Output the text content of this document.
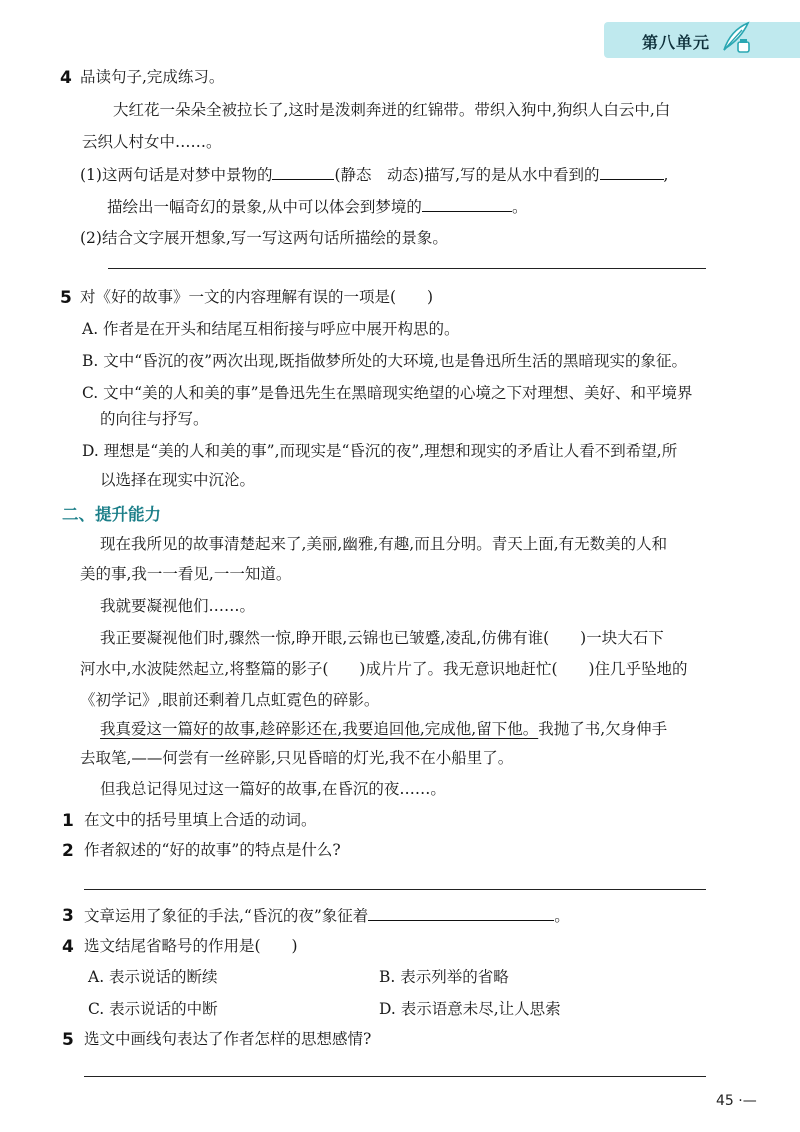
第八单元
4 品读句子,完成练习。
大红花一朵朵全被拉长了,这时是泼刺奔迸的红锦带。带织入狗中,狗织人白云中,白
云织人村女中……。
(1)这两句话是对梦中景物的	(静态　动态)描写,写的是从水中看到的	,
描绘出一幅奇幻的景象,从中可以体会到梦境的	。
(2)结合文字展开想象,写一写这两句话所描绘的景象。
5 对《好的故事》一文的内容理解有误的一项是(　　)
A. 作者是在开头和结尾互相衔接与呼应中展开构思的。
B. 文中“昏沉的夜”两次出现,既指做梦所处的大环境,也是鲁迅所生活的黑暗现实的象征。
C. 文中“美的人和美的事”是鲁迅先生在黑暗现实绝望的心境之下对理想、美好、和平境界
的向往与抒写。
D. 理想是“美的人和美的事”,而现实是“昏沉的夜”,理想和现实的矛盾让人看不到希望,所
以选择在现实中沉沦。
二、提升能力
现在我所见的故事清楚起来了,美丽,幽雅,有趣,而且分明。青天上面,有无数美的人和
美的事,我一一看见,一一知道。
我就要凝视他们……。
我正要凝视他们时,骤然一惊,睁开眼,云锦也已皱蹙,凌乱,仿佛有谁(　　)一块大石下
河水中,水波陡然起立,将整篇的影子(　　)成片片了。我无意识地赶忙(　　)住几乎坠地的
《初学记》,眼前还剩着几点虹霓色的碎影。
我真爱这一篇好的故事,趁碎影还在,我要追回他,完成他,留下他。我抛了书,欠身伸手
去取笔,——何尝有一丝碎影,只见昏暗的灯光,我不在小船里了。
但我总记得见过这一篇好的故事,在昏沉的夜……。
1 在文中的括号里填上合适的动词。
2 作者叙述的“好的故事”的特点是什么?
3 文章运用了象征的手法,“昏沉的夜”象征着	。
4 选文结尾省略号的作用是(　　)
A. 表示说话的断续	B. 表示列举的省略
C. 表示说话的中断	D. 表示语意未尽,让人思索
5 选文中画线句表达了作者怎样的思想感情?
45 ·—
